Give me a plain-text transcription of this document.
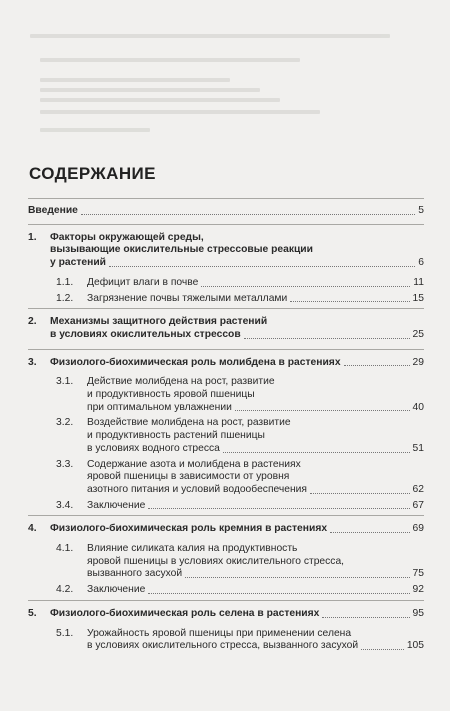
СОДЕРЖАНИЕ
Введение	5
1. Факторы окружающей среды,
вызывающие окислительные стрессовые реакции
у растений	6
1.1. Дефицит влаги в почве	11
1.2. Загрязнение почвы тяжелыми металлами	15
2. Механизмы защитного действия растений
в условиях окислительных стрессов	25
3. Физиолого-биохимическая роль молибдена в растениях	29
3.1. Действие молибдена на рост, развитие
и продуктивность яровой пшеницы
при оптимальном увлажнении	40
3.2. Воздействие молибдена на рост, развитие
и продуктивность растений пшеницы
в условиях водного стресса	51
3.3. Содержание азота и молибдена в растениях
яровой пшеницы в зависимости от уровня
азотного питания и условий водообеспечения	62
3.4. Заключение	67
4. Физиолого-биохимическая роль кремния в растениях	69
4.1. Влияние силиката калия на продуктивность
яровой пшеницы в условиях окислительного стресса,
вызванного засухой	75
4.2. Заключение	92
5. Физиолого-биохимическая роль селена в растениях	95
5.1. Урожайность яровой пшеницы при применении селена
в условиях окислительного стресса, вызванного засухой	105
